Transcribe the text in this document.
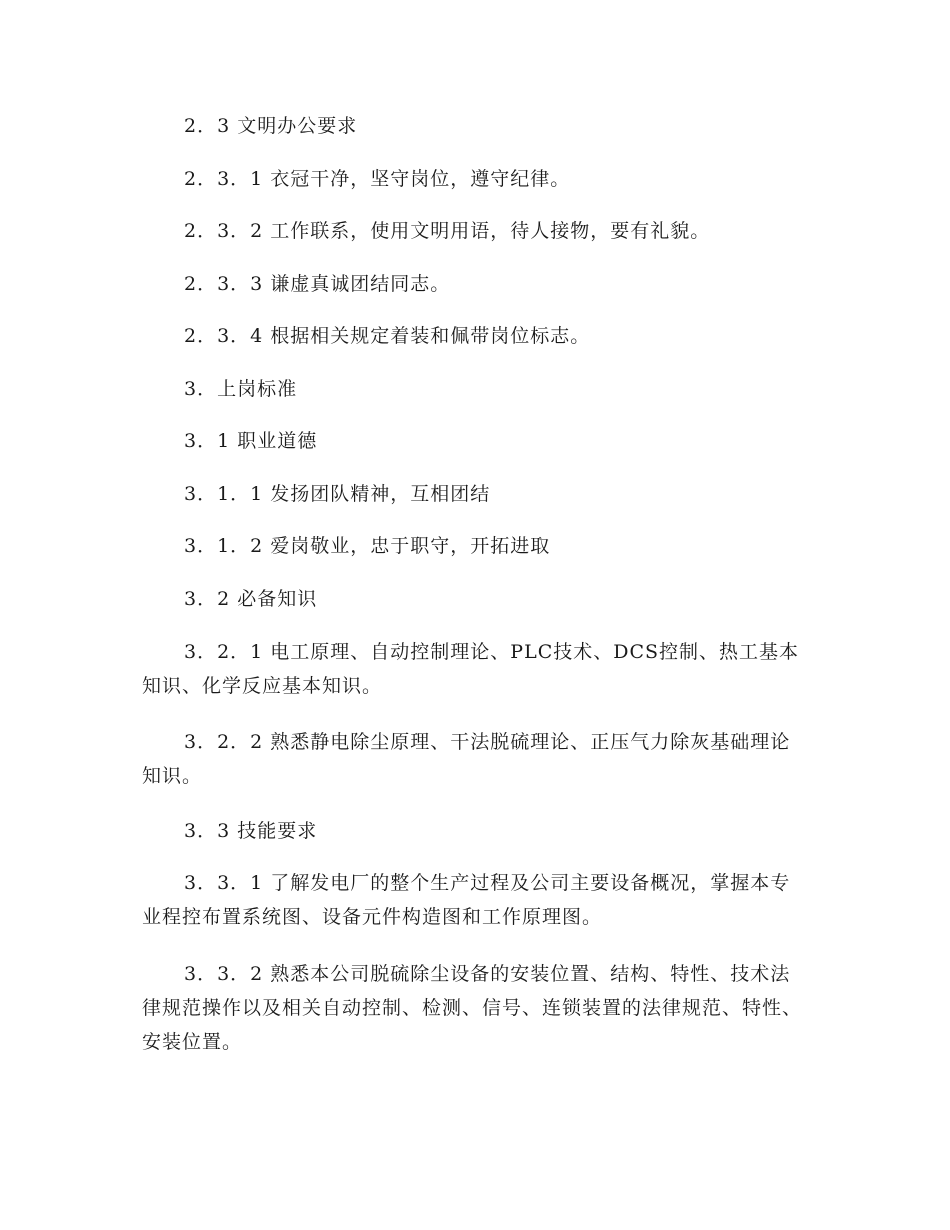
2．3 文明办公要求

2．3．1 衣冠干净，坚守岗位，遵守纪律。

2．3．2 工作联系，使用文明用语，待人接物，要有礼貌。

2．3．3 谦虚真诚团结同志。

2．3．4 根据相关规定着装和佩带岗位标志。

3．上岗标准

3．1 职业道德

3．1．1 发扬团队精神，互相团结

3．1．2 爱岗敬业，忠于职守，开拓进取

3．2 必备知识

3．2．1 电工原理、自动控制理论、PLC技术、DCS控制、热工基本知识、化学反应基本知识。

3．2．2 熟悉静电除尘原理、干法脱硫理论、正压气力除灰基础理论知识。

3．3 技能要求

3．3．1 了解发电厂的整个生产过程及公司主要设备概况，掌握本专业程控布置系统图、设备元件构造图和工作原理图。

3．3．2 熟悉本公司脱硫除尘设备的安装位置、结构、特性、技术法律规范操作以及相关自动控制、检测、信号、连锁装置的法律规范、特性、安装位置。
